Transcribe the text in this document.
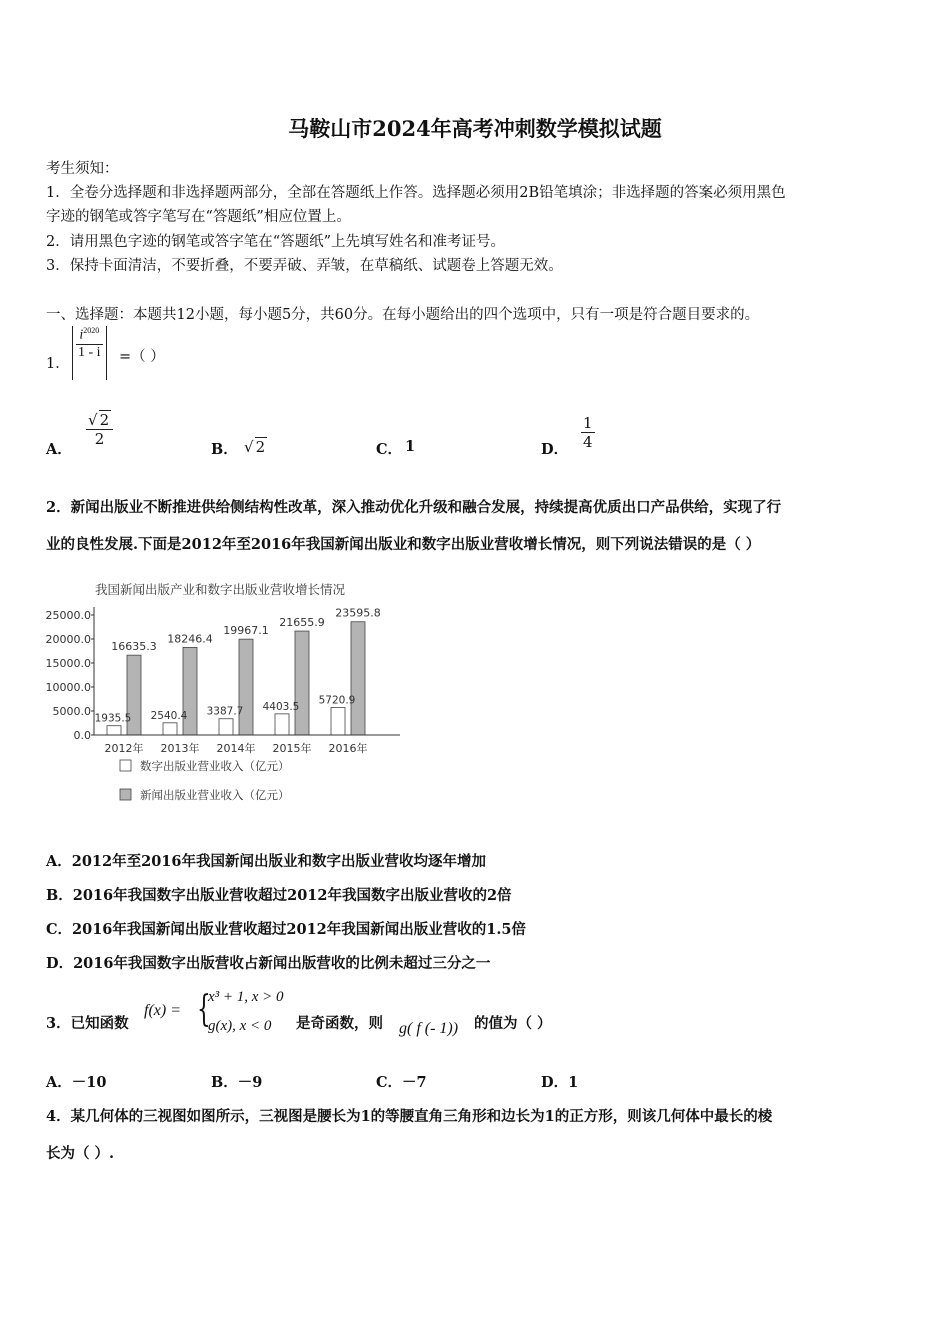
马鞍山市2024年高考冲刺数学模拟试题
考生须知：
1．全卷分选择题和非选择题两部分，全部在答题纸上作答。选择题必须用2B铅笔填涂；非选择题的答案必须用黑色
字迹的钢笔或答字笔写在“答题纸”相应位置上。
2．请用黑色字迹的钢笔或答字笔在“答题纸”上先填写姓名和准考证号。
3．保持卡面清洁，不要折叠，不要弄破、弄皱，在草稿纸、试题卷上答题无效。
一、选择题：本题共12小题，每小题5分，共60分。在每小题给出的四个选项中，只有一项是符合题目要求的。
1．
$\frac{i^{2020}}{1 - i}$ =（ ）
A．
$\frac{√ 2}{2}$
B． √ 2	C． 1	D． $\frac{1}{4}$
2．新闻出版业不断推进供给侧结构性改革，深入推动优化升级和融合发展，持续提高优质出口产品供给，实现了行
业的良性发展.下面是2012年至2016年我国新闻出版业和数字出版业营收增长情况，则下列说法错误的是（ ）
我国新闻出版产业和数字出版业营收增长情况
25000.0
20000.0
15000.0
10000.0
5000.0
0.0
1935.5
16635.3
2540.4
18246.4
3387.7
19967.1
4403.5
21655.9
5720.9
23595.8
2012年 2013年 2014年 2015年 2016年
数字出版业营业收入（亿元）
新闻出版业营业收入（亿元）
A．2012年至2016年我国新闻出版业和数字出版业营收均逐年增加
B．2016年我国数字出版业营收超过2012年我国数字出版业营收的2倍
C．2016年我国新闻出版业营收超过2012年我国新闻出版业营收的1.5倍
D．2016年我国数字出版营收占新闻出版营收的比例未超过三分之一
3．已知函数
f(x) = {
x³ + 1, x > 0
g(x), x < 0 是奇函数，则 g( f (- 1)) 的值为（ ）
A．－10	B．－9	C．－7	D．1
4．某几何体的三视图如图所示，三视图是腰长为1的等腰直角三角形和边长为1的正方形，则该几何体中最长的棱
长为（ ）.
